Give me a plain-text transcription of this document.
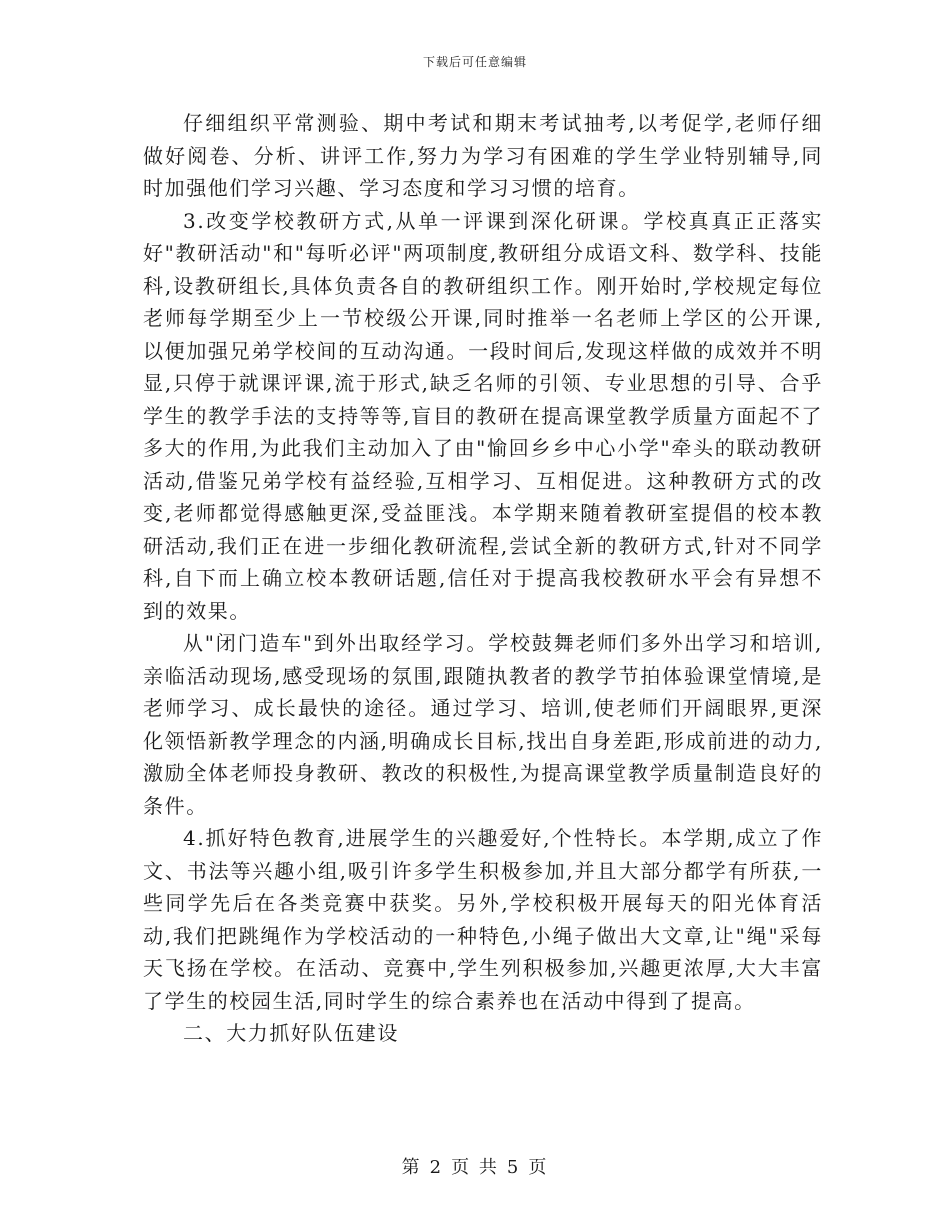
下载后可任意编辑

仔细组织平常测验、期中考试和期末考试抽考,以考促学,老师仔细做好阅卷、分析、讲评工作,努力为学习有困难的学生学业特别辅导,同时加强他们学习兴趣、学习态度和学习习惯的培育。

3.改变学校教研方式,从单一评课到深化研课。学校真真正正落实好"教研活动"和"每听必评"两项制度,教研组分成语文科、数学科、技能科,设教研组长,具体负责各自的教研组织工作。刚开始时,学校规定每位老师每学期至少上一节校级公开课,同时推举一名老师上学区的公开课,以便加强兄弟学校间的互动沟通。一段时间后,发现这样做的成效并不明显,只停于就课评课,流于形式,缺乏名师的引领、专业思想的引导、合乎学生的教学手法的支持等等,盲目的教研在提高课堂教学质量方面起不了多大的作用,为此我们主动加入了由"愉回乡乡中心小学"牵头的联动教研活动,借鉴兄弟学校有益经验,互相学习、互相促进。这种教研方式的改变,老师都觉得感触更深,受益匪浅。本学期来随着教研室提倡的校本教研活动,我们正在进一步细化教研流程,尝试全新的教研方式,针对不同学科,自下而上确立校本教研话题,信任对于提高我校教研水平会有异想不到的效果。

从"闭门造车"到外出取经学习。学校鼓舞老师们多外出学习和培训,亲临活动现场,感受现场的氛围,跟随执教者的教学节拍体验课堂情境,是老师学习、成长最快的途径。通过学习、培训,使老师们开阔眼界,更深化领悟新教学理念的内涵,明确成长目标,找出自身差距,形成前进的动力,激励全体老师投身教研、教改的积极性,为提高课堂教学质量制造良好的条件。

4.抓好特色教育,进展学生的兴趣爱好,个性特长。本学期,成立了作文、书法等兴趣小组,吸引许多学生积极参加,并且大部分都学有所获,一些同学先后在各类竞赛中获奖。另外,学校积极开展每天的阳光体育活动,我们把跳绳作为学校活动的一种特色,小绳子做出大文章,让"绳"采每天飞扬在学校。在活动、竞赛中,学生列积极参加,兴趣更浓厚,大大丰富了学生的校园生活,同时学生的综合素养也在活动中得到了提高。

二、大力抓好队伍建设

第 2 页 共 5 页
